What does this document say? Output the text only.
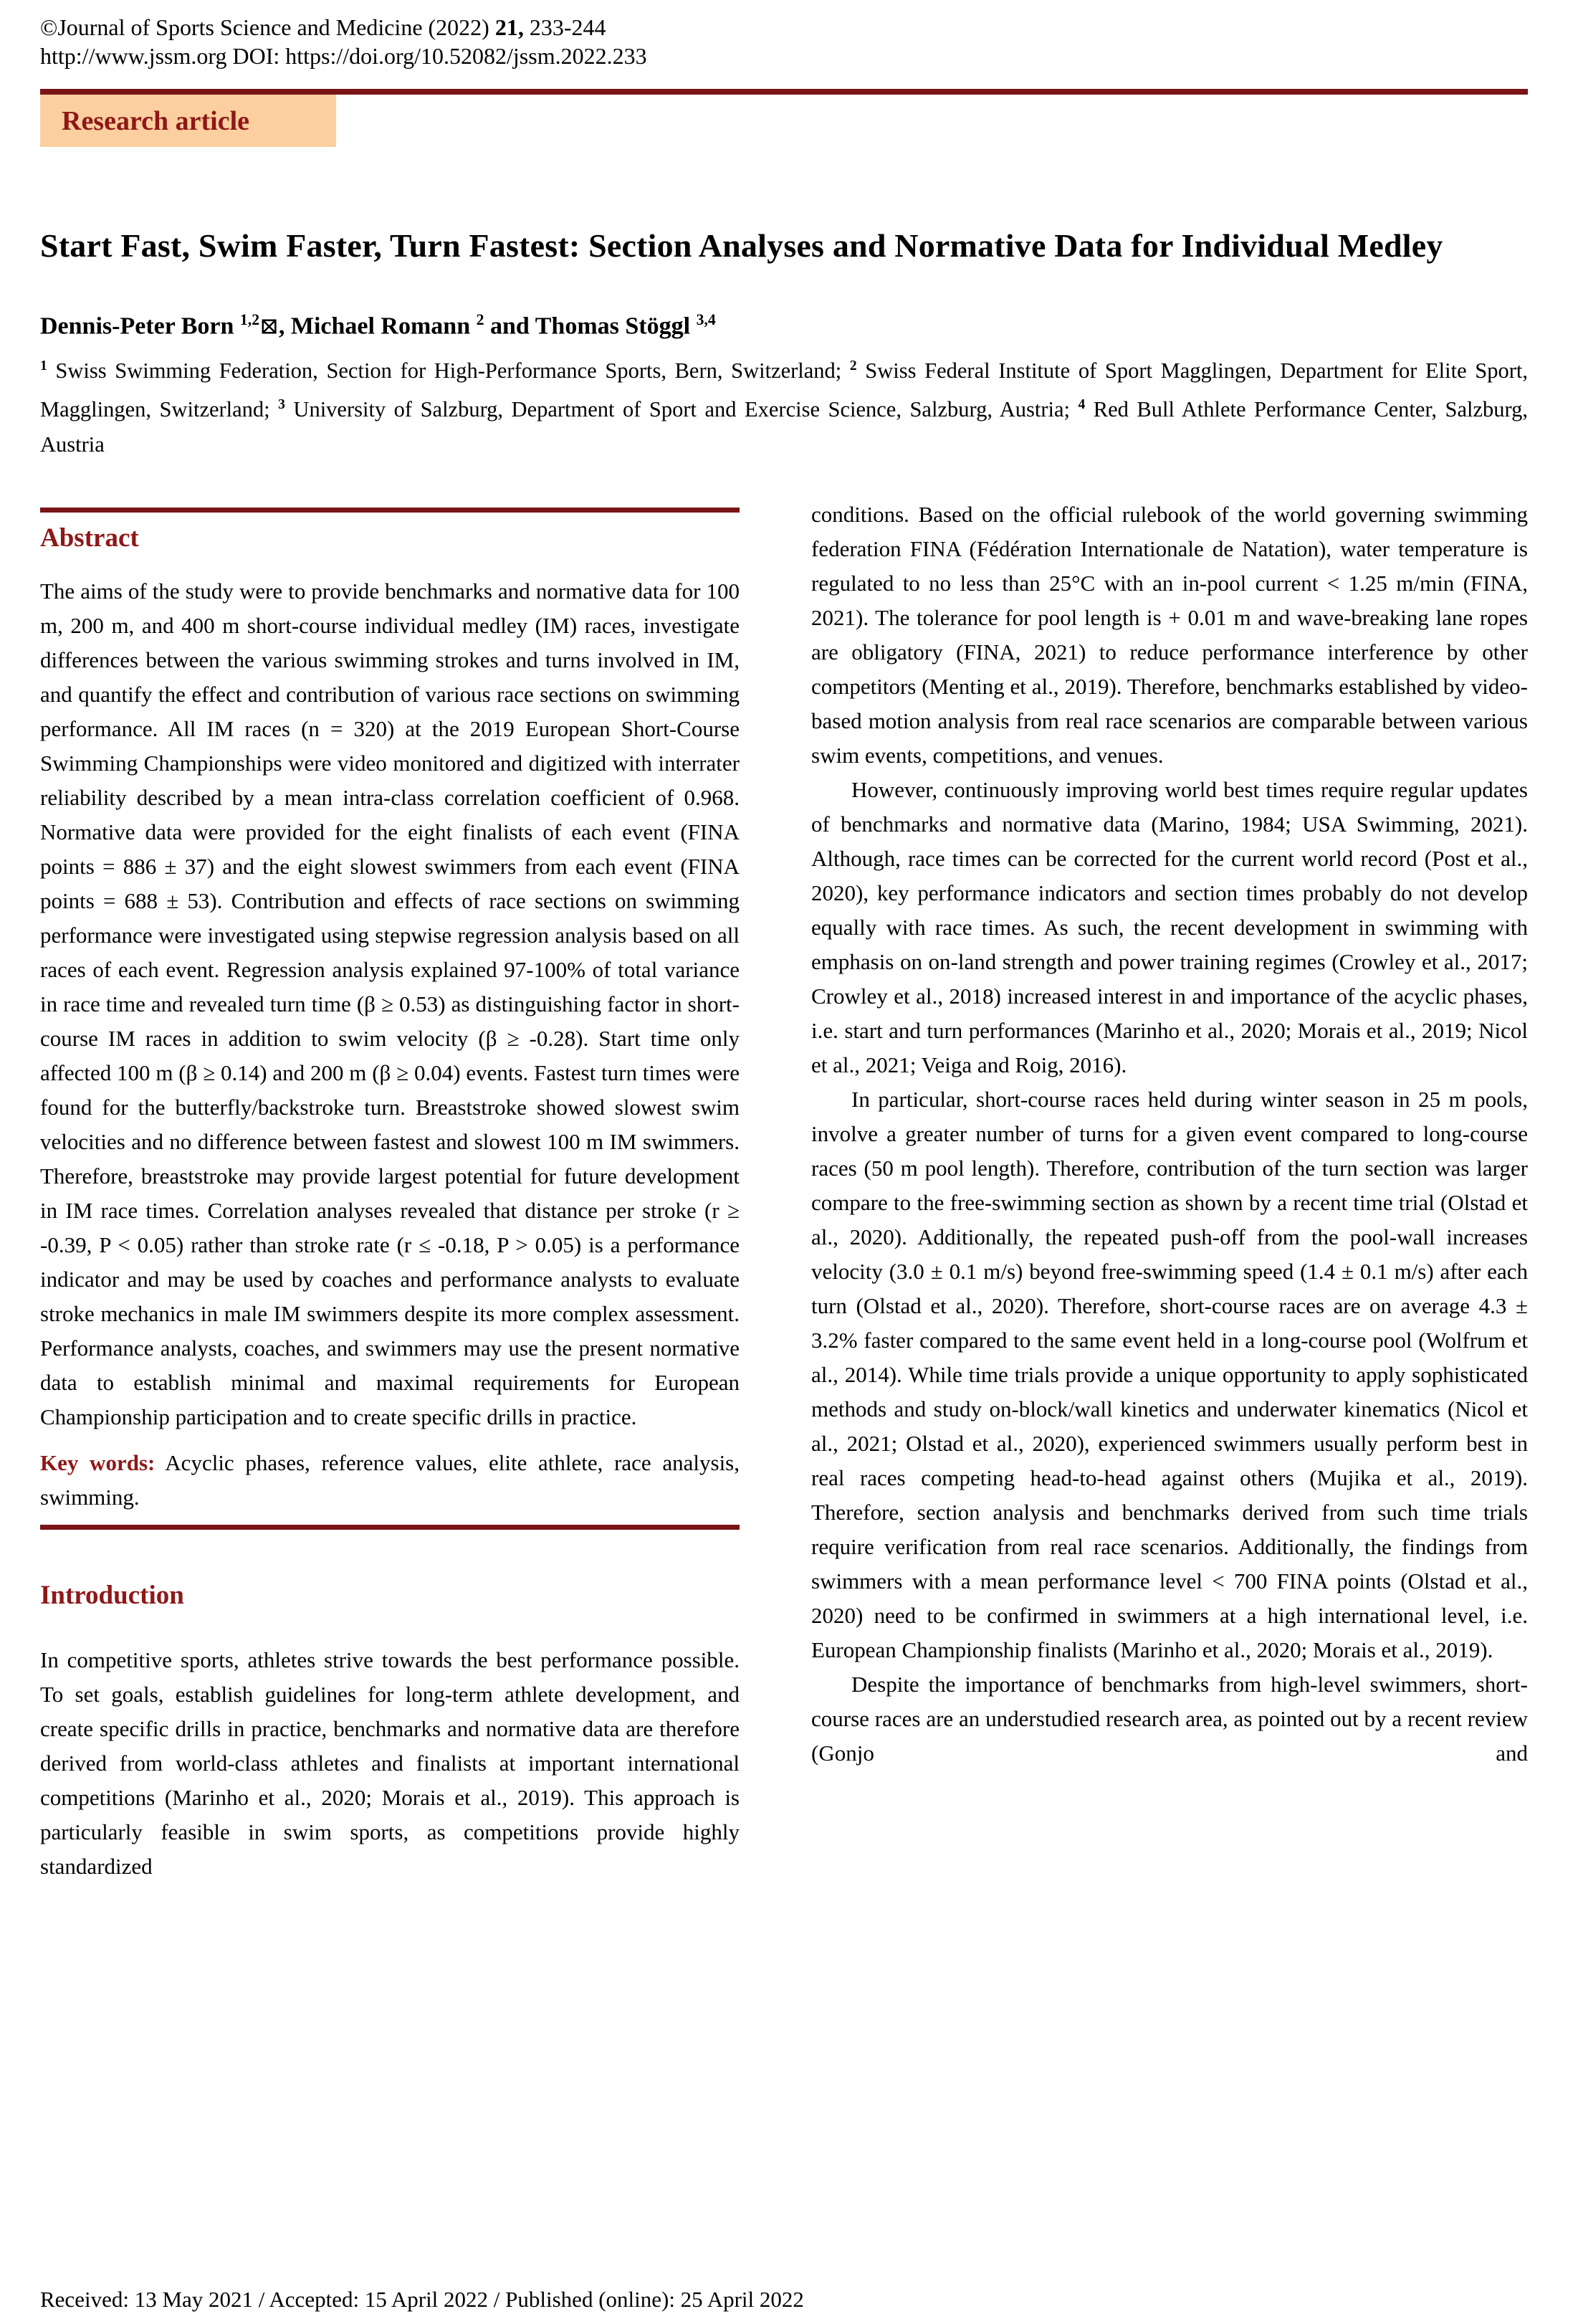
©Journal of Sports Science and Medicine (2022) 21, 233-244
http://www.jssm.org DOI: https://doi.org/10.52082/jssm.2022.233
Research article
Start Fast, Swim Faster, Turn Fastest: Section Analyses and Normative Data for Individual Medley
Dennis-Peter Born $^{1,2}$⊠, Michael Romann $^2$ and Thomas Stöggl $^{3,4}$
$^1$ Swiss Swimming Federation, Section for High-Performance Sports, Bern, Switzerland; $^2$ Swiss Federal Institute of Sport Magglingen, Department for Elite Sport, Magglingen, Switzerland; $^3$ University of Salzburg, Department of Sport and Exercise Science, Salzburg, Austria; $^4$ Red Bull Athlete Performance Center, Salzburg, Austria
Abstract

The aims of the study were to provide benchmarks and normative data for 100 m, 200 m, and 400 m short-course individual medley (IM) races, investigate differences between the various swimming strokes and turns involved in IM, and quantify the effect and contribution of various race sections on swimming performance. All IM races (n = 320) at the 2019 European Short-Course Swimming Championships were video monitored and digitized with interrater reliability described by a mean intra-class correlation coefficient of 0.968. Normative data were provided for the eight finalists of each event (FINA points = 886 ± 37) and the eight slowest swimmers from each event (FINA points = 688 ± 53). Contribution and effects of race sections on swimming performance were investigated using stepwise regression analysis based on all races of each event. Regression analysis explained 97-100% of total variance in race time and revealed turn time (β ≥ 0.53) as distinguishing factor in short-course IM races in addition to swim velocity (β ≥ -0.28). Start time only affected 100 m (β ≥ 0.14) and 200 m (β ≥ 0.04) events. Fastest turn times were found for the butterfly/backstroke turn. Breaststroke showed slowest swim velocities and no difference between fastest and slowest 100 m IM swimmers. Therefore, breaststroke may provide largest potential for future development in IM race times. Correlation analyses revealed that distance per stroke (r ≥ -0.39, P < 0.05) rather than stroke rate (r ≤ -0.18, P > 0.05) is a performance indicator and may be used by coaches and performance analysts to evaluate stroke mechanics in male IM swimmers despite its more complex assessment. Performance analysts, coaches, and swimmers may use the present normative data to establish minimal and maximal requirements for European Championship participation and to create specific drills in practice.

Key words: Acyclic phases, reference values, elite athlete, race analysis, swimming.

Introduction

In competitive sports, athletes strive towards the best performance possible. To set goals, establish guidelines for long-term athlete development, and create specific drills in practice, benchmarks and normative data are therefore derived from world-class athletes and finalists at important international competitions (Marinho et al., 2020; Morais et al., 2019). This approach is particularly feasible in swim sports, as competitions provide highly standardized

conditions. Based on the official rulebook of the world governing swimming federation FINA (Fédération Internationale de Natation), water temperature is regulated to no less than 25°C with an in-pool current < 1.25 m/min (FINA, 2021). The tolerance for pool length is + 0.01 m and wave-breaking lane ropes are obligatory (FINA, 2021) to reduce performance interference by other competitors (Menting et al., 2019). Therefore, benchmarks established by video-based motion analysis from real race scenarios are comparable between various swim events, competitions, and venues.

However, continuously improving world best times require regular updates of benchmarks and normative data (Marino, 1984; USA Swimming, 2021). Although, race times can be corrected for the current world record (Post et al., 2020), key performance indicators and section times probably do not develop equally with race times. As such, the recent development in swimming with emphasis on on-land strength and power training regimes (Crowley et al., 2017; Crowley et al., 2018) increased interest in and importance of the acyclic phases, i.e. start and turn performances (Marinho et al., 2020; Morais et al., 2019; Nicol et al., 2021; Veiga and Roig, 2016).

In particular, short-course races held during winter season in 25 m pools, involve a greater number of turns for a given event compared to long-course races (50 m pool length). Therefore, contribution of the turn section was larger compare to the free-swimming section as shown by a recent time trial (Olstad et al., 2020). Additionally, the repeated push-off from the pool-wall increases velocity (3.0 ± 0.1 m/s) beyond free-swimming speed (1.4 ± 0.1 m/s) after each turn (Olstad et al., 2020). Therefore, short-course races are on average 4.3 ± 3.2% faster compared to the same event held in a long-course pool (Wolfrum et al., 2014). While time trials provide a unique opportunity to apply sophisticated methods and study on-block/wall kinetics and underwater kinematics (Nicol et al., 2021; Olstad et al., 2020), experienced swimmers usually perform best in real races competing head-to-head against others (Mujika et al., 2019). Therefore, section analysis and benchmarks derived from such time trials require verification from real race scenarios. Additionally, the findings from swimmers with a mean performance level < 700 FINA points (Olstad et al., 2020) need to be confirmed in swimmers at a high international level, i.e. European Championship finalists (Marinho et al., 2020; Morais et al., 2019).

Despite the importance of benchmarks from high-level swimmers, short-course races are an understudied research area, as pointed out by a recent review (Gonjo and

Received: 13 May 2021 / Accepted: 15 April 2022 / Published (online): 25 April 2022
